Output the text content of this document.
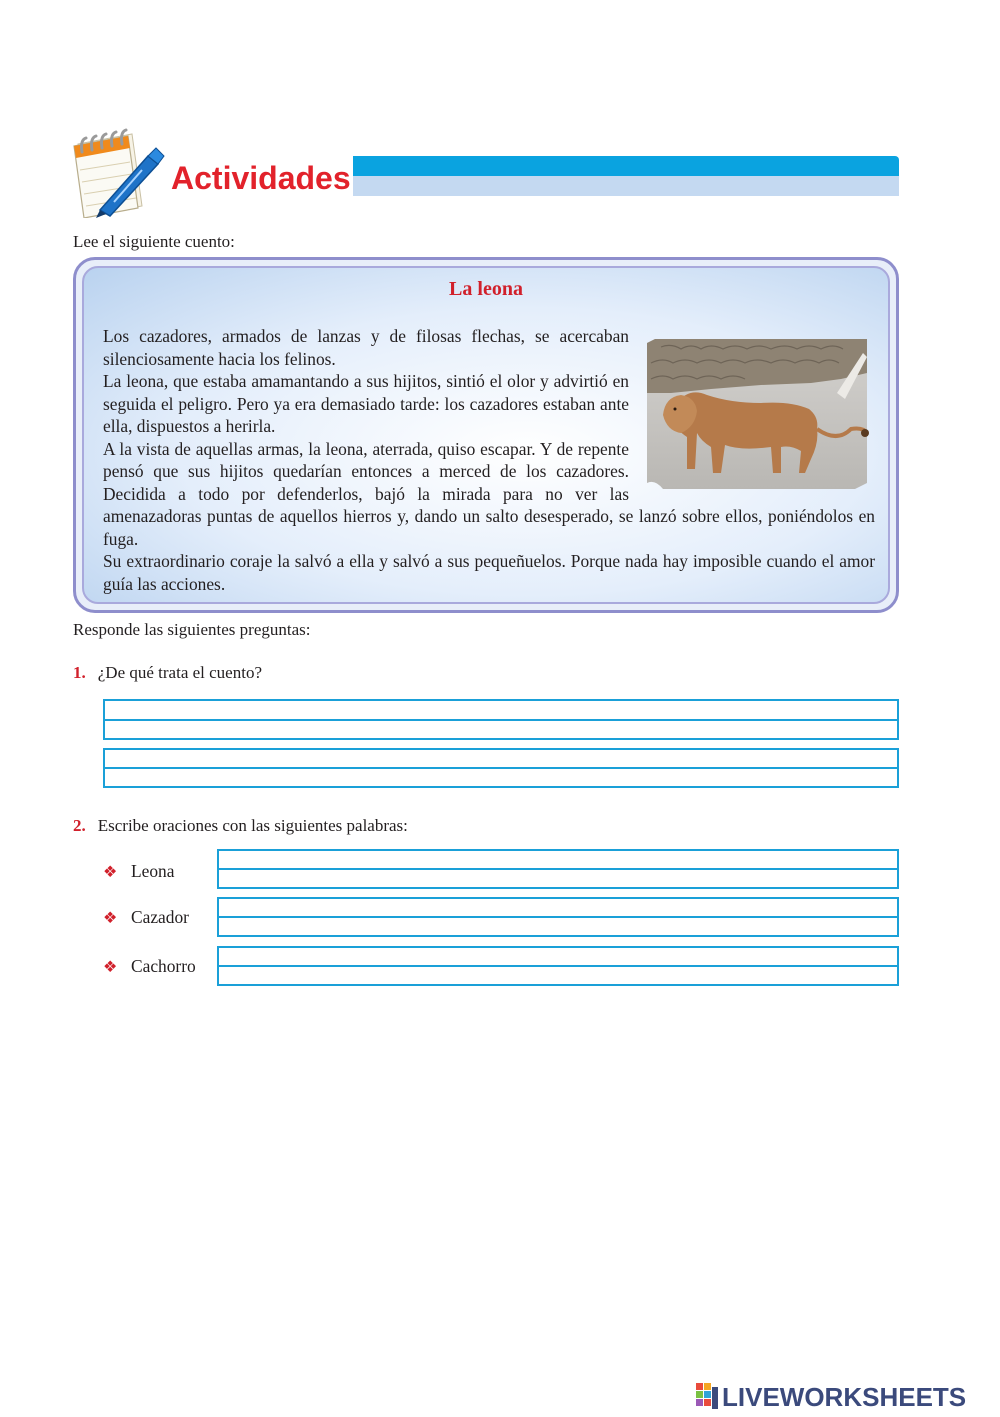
Actividades
Lee el siguiente cuento:
La leona

Los cazadores, armados de lanzas y de filosas flechas, se acercaban silenciosamente hacia los felinos.

La leona, que estaba amamantando a sus hijitos, sintió el olor y advirtió en seguida el peligro. Pero ya era demasiado tarde: los cazadores estaban ante ella, dispuestos a herirla.

A la vista de aquellas armas, la leona, aterrada, quiso escapar. Y de repente pensó que sus hijitos quedarían entonces a merced de los cazadores. Decidida a todo por defenderlos, bajó la mirada para no ver las amenazadoras puntas de aquellos hierros y, dando un salto desesperado, se lanzó sobre ellos, poniéndolos en fuga.

Su extraordinario coraje la salvó a ella y salvó a sus pequeñuelos. Porque nada hay imposible cuando el amor guía las acciones.

Responde las siguientes preguntas:
1. ¿De qué trata el cuento?
2. Escribe oraciones con las siguientes palabras:
❖ Leona
❖ Cazador
❖ Cachorro
LIVEWORKSHEETS
